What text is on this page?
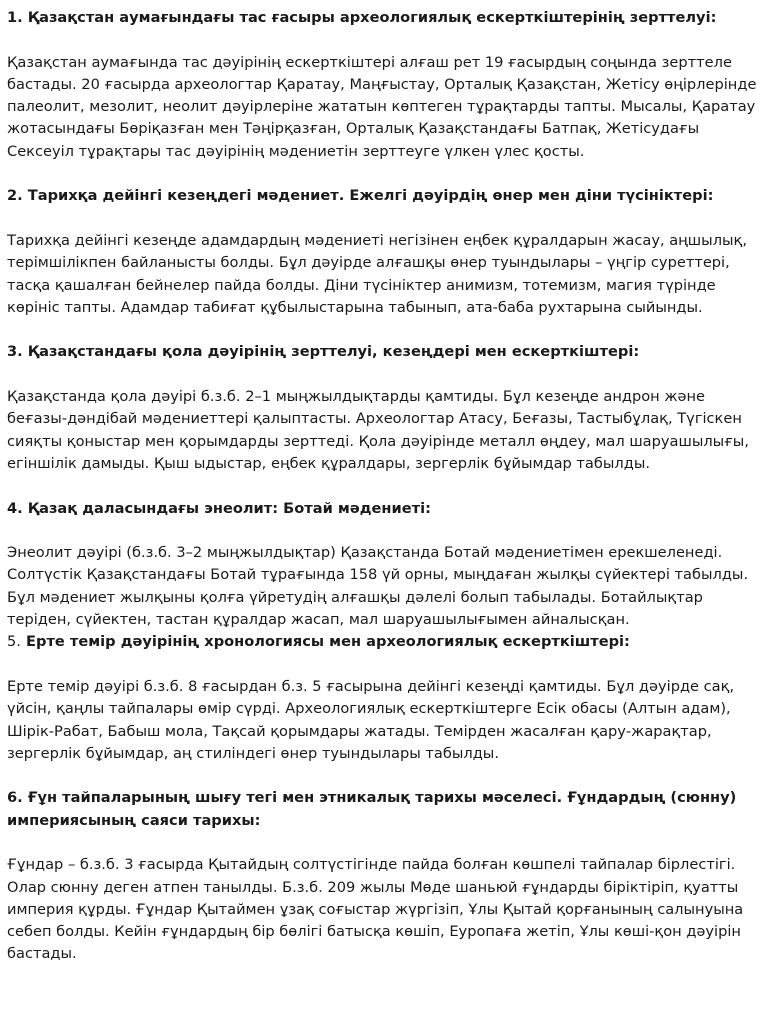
1. Қазақстан аумағындағы тас ғасыры археологиялық ескерткіштерінің зерттелуі:

Қазақстан аумағында тас дәуірінің ескерткіштері алғаш рет 19 ғасырдың соңында зерттеле бастады. 20 ғасырда археологтар Қаратау, Маңғыстау, Орталық Қазақстан, Жетісу өңірлерінде палеолит, мезолит, неолит дәуірлеріне жататын көптеген тұрақтарды тапты. Мысалы, Қаратау жотасындағы Бөріқазған мен Тәңірқазған, Орталық Қазақстандағы Батпақ, Жетісудағы Сексеуіл тұрақтары тас дәуірінің мәдениетін зерттеуге үлкен үлес қосты.

2. Тарихқа дейінгі кезеңдегі мәдениет. Ежелгі дәуірдің өнер мен діни түсініктері:

Тарихқа дейінгі кезеңде адамдардың мәдениеті негізінен еңбек құралдарын жасау, аңшылық, терімшілікпен байланысты болды. Бұл дәуірде алғашқы өнер туындылары – үңгір суреттері, тасқа қашалған бейнелер пайда болды. Діни түсініктер анимизм, тотемизм, магия түрінде көрініс тапты. Адамдар табиғат құбылыстарына табынып, ата-баба рухтарына сыйынды.

3. Қазақстандағы қола дәуірінің зерттелуі, кезеңдері мен ескерткіштері:

Қазақстанда қола дәуірі б.з.б. 2–1 мыңжылдықтарды қамтиды. Бұл кезеңде андрон және беғазы-дәндібай мәдениеттері қалыптасты. Археологтар Атасу, Беғазы, Тастыбұлақ, Түгіскен сияқты қоныстар мен қорымдарды зерттеді. Қола дәуірінде металл өңдеу, мал шаруашылығы, егіншілік дамыды. Қыш ыдыстар, еңбек құралдары, зергерлік бұйымдар табылды.

4. Қазақ даласындағы энеолит: Ботай мәдениеті:

Энеолит дәуірі (б.з.б. 3–2 мыңжылдықтар) Қазақстанда Ботай мәдениетімен ерекшеленеді. Солтүстік Қазақстандағы Ботай тұрағында 158 үй орны, мыңдаған жылқы сүйектері табылды. Бұл мәдениет жылқыны қолға үйретудің алғашқы дәлелі болып табылады. Ботайлықтар теріден, сүйектен, тастан құралдар жасап, мал шаруашылығымен айналысқан.

5. Ерте темір дәуірінің хронологиясы мен археологиялық ескерткіштері:

Ерте темір дәуірі б.з.б. 8 ғасырдан б.з. 5 ғасырына дейінгі кезеңді қамтиды. Бұл дәуірде сақ, үйсін, қаңлы тайпалары өмір сүрді. Археологиялық ескерткіштерге Есік обасы (Алтын адам), Шірік-Рабат, Бабыш мола, Тақсай қорымдары жатады. Темірден жасалған қару-жарақтар, зергерлік бұйымдар, аң стиліндегі өнер туындылары табылды.

6. Ғұн тайпаларының шығу тегі мен этникалық тарихы мәселесі. Ғұндардың (сюнну) империясының саяси тарихы:

Ғұндар – б.з.б. 3 ғасырда Қытайдың солтүстігінде пайда болған көшпелі тайпалар бірлестігі. Олар сюнну деген атпен танылды. Б.з.б. 209 жылы Мөде шаньюй ғұндарды біріктіріп, қуатты империя құрды. Ғұндар Қытаймен ұзақ соғыстар жүргізіп, Ұлы Қытай қорғанының салынуына себеп болды. Кейін ғұндардың бір бөлігі батысқа көшіп, Еуропаға жетіп, Ұлы көші-қон дәуірін бастады.
